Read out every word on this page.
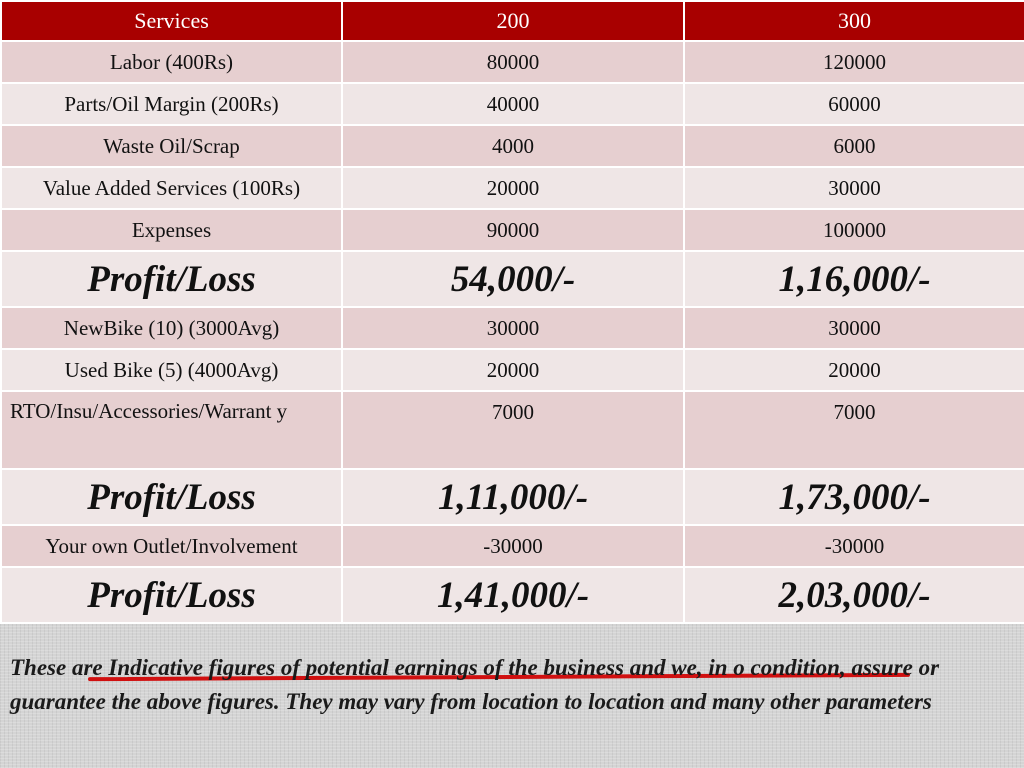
Services	200	300
Labor (400Rs)	80000	120000
Parts/Oil Margin (200Rs)	40000	60000
Waste Oil/Scrap	4000	6000
Value Added Services (100Rs)	20000	30000
Expenses	90000	100000
Profit/Loss	54,000/-	1,16,000/-
NewBike (10) (3000Avg)	30000	30000
Used Bike (5) (4000Avg)	20000	20000
RTO/Insu/Accessories/Warrant y	7000	7000
Profit/Loss	1,11,000/-	1,73,000/-
Your own Outlet/Involvement	-30000	-30000
Profit/Loss	1,41,000/-	2,03,000/-
These are Indicative figures of potential earnings of the business and we, in o condition, assure or guarantee the above figures. They may vary from location to location and many other parameters
